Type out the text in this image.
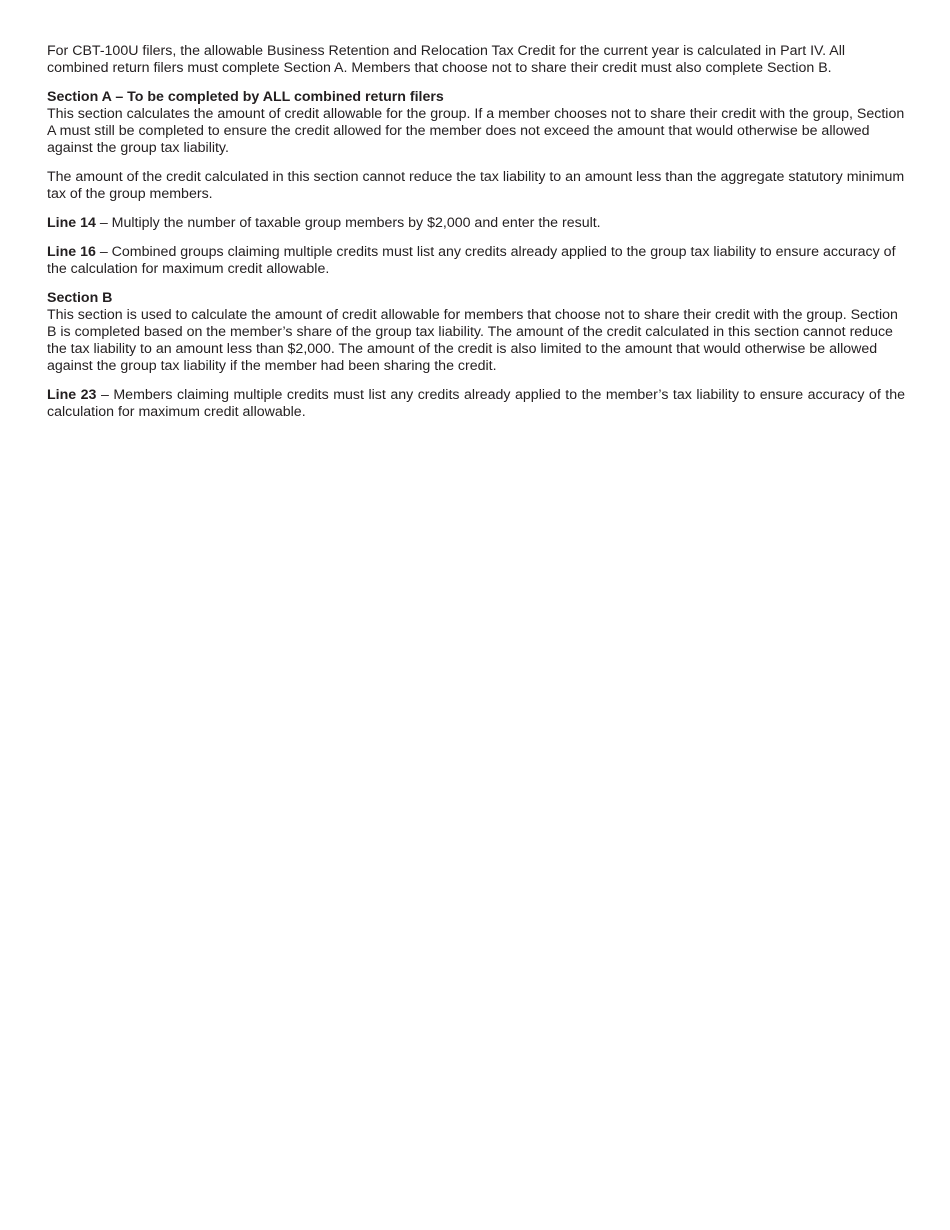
For CBT-100U filers, the allowable Business Retention and Relocation Tax Credit for the current year is calculated in Part IV. All combined return filers must complete Section A. Members that choose not to share their credit must also complete Section B.

Section A – To be completed by ALL combined return filers
This section calculates the amount of credit allowable for the group. If a member chooses not to share their credit with the group, Section A must still be completed to ensure the credit allowed for the member does not exceed the amount that would otherwise be allowed against the group tax liability.

The amount of the credit calculated in this section cannot reduce the tax liability to an amount less than the aggregate statutory minimum tax of the group members.

Line 14 – Multiply the number of taxable group members by $2,000 and enter the result.

Line 16 – Combined groups claiming multiple credits must list any credits already applied to the group tax liability to ensure accuracy of the calculation for maximum credit allowable.

Section B
This section is used to calculate the amount of credit allowable for members that choose not to share their credit with the group. Section B is completed based on the member’s share of the group tax liability. The amount of the credit calculated in this section cannot reduce the tax liability to an amount less than $2,000. The amount of the credit is also limited to the amount that would otherwise be allowed against the group tax liability if the member had been sharing the credit.

Line 23 – Members claiming multiple credits must list any credits already applied to the member’s tax liability to ensure accuracy of the calculation for maximum credit allowable.
